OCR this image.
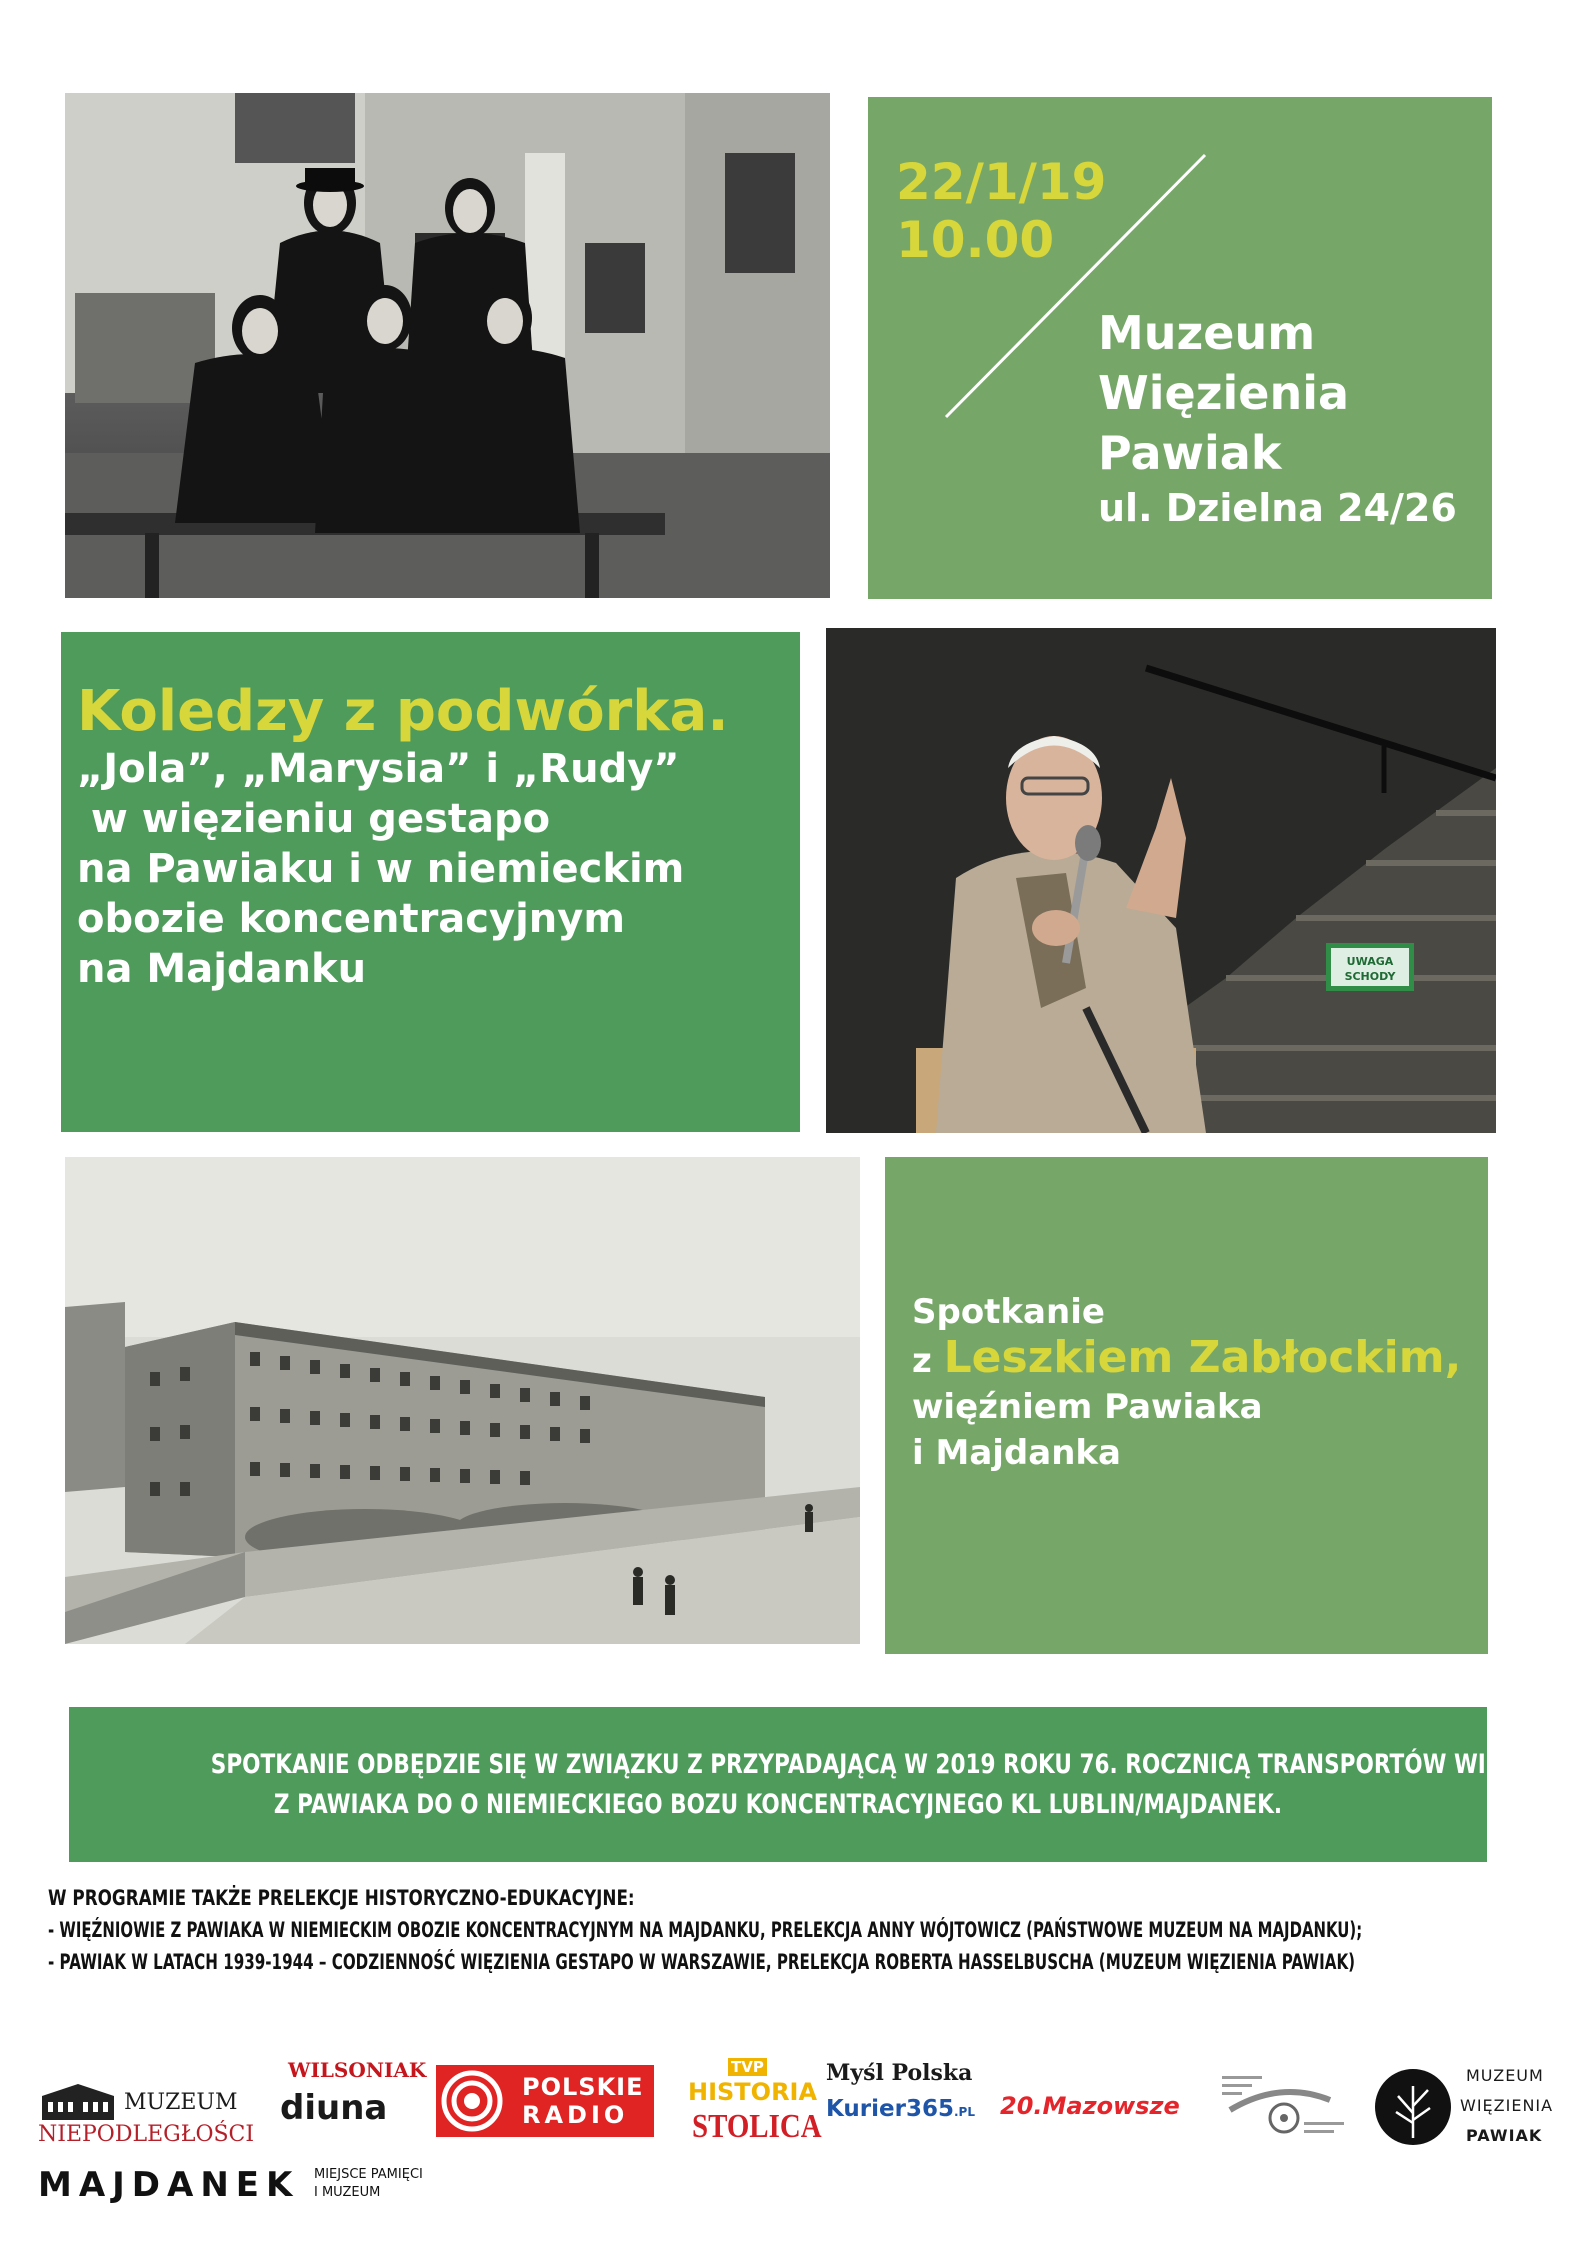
22/1/19
10.00
Muzeum
Więzienia
Pawiak
ul. Dzielna 24/26
Koledzy z podwórka.
„Jola”, „Marysia” i „Rudy”
w więzieniu gestapo
na Pawiaku i w niemieckim
obozie koncentracyjnym
na Majdanku	UWAGA
SCHODY
Spotkanie
z Leszkiem Zabłockim,
więźniem Pawiaka
i Majdanka
SPOTKANIE ODBĘDZIE SIĘ W ZWIĄZKU Z PRZYPADAJĄCĄ W 2019 ROKU 76. ROCZNICĄ TRANSPORTÓW WIĘŹNIÓW
Z PAWIAKA DO O NIEMIECKIEGO BOZU KONCENTRACYJNEGO KL LUBLIN/MAJDANEK.
W PROGRAMIE TAKŻE PRELEKCJE HISTORYCZNO-EDUKACYJNE:
- WIĘŹNIOWIE Z PAWIAKA W NIEMIECKIM OBOZIE KONCENTRACYJNYM NA MAJDANKU, PRELEKCJA ANNY WÓJTOWICZ (PAŃSTWOWE MUZEUM NA MAJDANKU);
- PAWIAK W LATACH 1939-1944 – CODZIENNOŚĆ WIĘZIENIA GESTAPO W WARSZAWIE, PRELEKCJA ROBERTA HASSELBUSCHA (MUZEUM WIĘZIENIA PAWIAK)
MUZEUM
NIEPODLEGŁOŚCI
WILSONIAK
diuna
POLSKIE
RADIO
TVP
HISTORIA
STOLICA
Myśl Polska
Kurier365.PL 20.Mazowsze
MUZEUM
WIĘZIENIA
PAWIAK
MAJDANEK MIEJSCE PAMIĘCI
I MUZEUM
